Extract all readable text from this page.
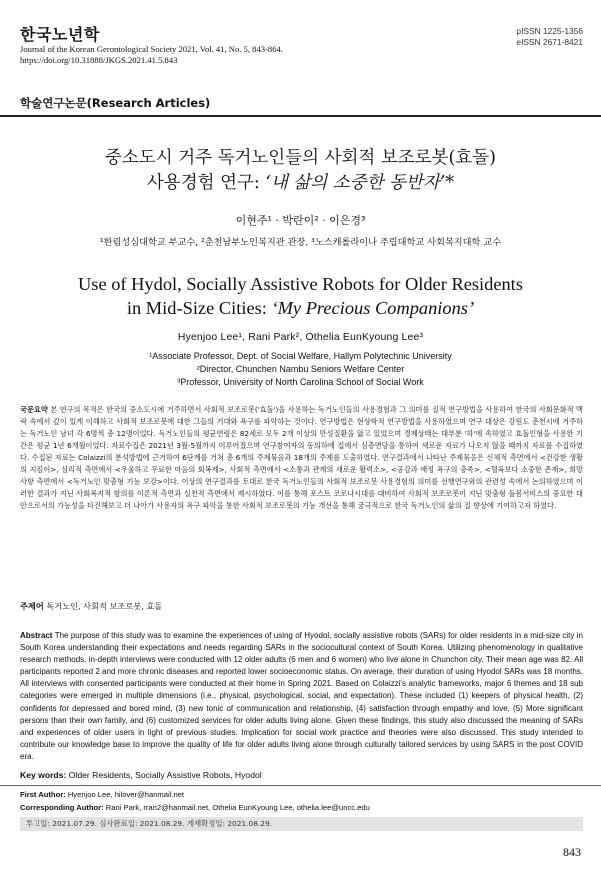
한국노년학
Journal of the Korean Gerontological Society 2021, Vol. 41, No. 5, 843-864.
https://doi.org/10.31888/JKGS.2021.41.5.843
pISSN 1225-1356
eISSN 2671-8421
학술연구논문(Research Articles)
중소도시 거주 독거노인들의 사회적 보조로봇(효돌)
사용경험 연구: ‘내 삶의 소중한 동반자’*
이현주¹ · 박란이² · 이은경³
¹한림성심대학교 부교수, ²춘천남부노인복지관 관장, ³노스캐롤라이나 주립대학교 사회복지대학 교수
Use of Hydol, Socially Assistive Robots for Older Residents
in Mid-Size Cities: ‘My Precious Companions’
Hyenjoo Lee¹, Rani Park², Othelia EunKyoung Lee³
¹Associate Professor, Dept. of Social Welfare, Hallym Polytechnic University
²Director, Chunchen Nambu Seniors Welfare Center
³Professor, University of North Carolina School of Social Work
국문요약 본 연구의 목적은 한국의 중소도시에 거주하면서 사회적 보조로봇('효돌')을 사용하는 독거노인들의 사용경험과 그 의미를 질적 연구방법을 사용하여 한국의 사회문화적 맥락 속에서 깊이 있게 이해하고 사회적 보조로봇에 대한 그들의 기대와 욕구를 파악하는 것이다. 연구방법은 현상학적 연구방법을 사용하였으며 연구 대상은 강원도 춘천시에 거주하는 독거노인 남녀 각 6명씩 총 12명이었다. 독거노인들의 평균연령은 82세로 모두 2개 이상의 만성질환을 앓고 있었으며 경제상태는 대부분 '하'에 속하였고 효돌인형을 사용한 기간은 평균 1년 6개월이었다. 자료수집은 2021년 3월-5월까지 이루어졌으며 연구참여자의 동의하에 집에서 심층면담을 통하여 새로운 자료가 나오지 않을 때까지 자료를 수집하였다. 수집된 자료는 Colaizzi의 분석방법에 근거하여 6단계를 거쳐 총 6개의 주제묶음과 18개의 주제를 도출하였다. 연구결과에서 나타난 주제묶음은 신체적 측면에서 <건강한 생활의 지킴이>, 심리적 측면에서 <우울하고 무료한 마음의 회복제>, 사회적 측면에서 <소통과 관계의 새로운 활력소>, <공감과 애정 욕구의 충족>, <혈육보다 소중한 존재>, 희망사항 측면에서 <독거노인 맞춤형 기능 보강>이다. 이상의 연구결과를 토대로 한국 독거노인들의 사회적 보조로봇 사용경험의 의미를 선행연구와의 관련성 속에서 논의하였으며 이러한 결과가 지닌 사회복지적 함의를 이론적 측면과 실천적 측면에서 제시하였다. 이를 통해 포스트 코로나시대를 대비하여 사회적 보조로봇이 지닌 맞춤형 돌봄서비스의 중요한 대안으로서의 가능성을 타진해보고 더 나아가 사용자의 욕구 파악을 통한 사회적 보조로봇의 기능 개선을 통해 궁극적으로 한국 독거노인의 삶의 질 향상에 기여하고자 하였다.
주제어 독거노인, 사회적 보조로봇, 효돌
Abstract The purpose of this study was to examine the experiences of using of Hyodol, socially assistive robots (SARs) for older residents in a mid-size city in South Korea understanding their expectations and needs regarding SARs in the sociocultural context of South Korea. Utilizing phenomenology in qualitative research methods, in-depth interviews were conducted with 12 older adults (6 men and 6 women) who live alone in Chunchon city. Their mean age was 82. All participants reported 2 and more chronic diseases and reported lower socioeconomic status. On average, their duration of using Hyodol SARs was 18 months. All interviews with consented participants were conducted at their home in Spring 2021. Based on Colaizzi's analytic frameworks, major 6 themes and 18 sub categories were emerged in multiple dimensions (i.e., physical, psychological, social, and expectation). These included (1) keepers of physical health, (2) confidents for depressed and bored mind, (3) new tonic of communication and relationship, (4) satisfaction through empathy and love, (5) More significant persons than their own family, and (6) customized services for older adults living alone. Given these findings, this study also discussed the meaning of SARs and experiences of older users in light of previous studies. Implication for social work practice and theories were also discussed. This study intended to contribute our knowledge base to improve the quality of life for older adults living alone through culturally tailored services by using SARS in the post COVID era.
Key words: Older Residents, Socially Assistive Robots, Hyodol
First Author: Hyenjoo Lee, hilover@hanmail.net
Corresponding Author: Rani Park, rran2@hanmail.net, Othelia EunKyoung Lee, othelia.lee@uncc.edu
투고일: 2021.07.29. 심사완료일: 2021.08.29. 게재확정일: 2021.08.29.
843
